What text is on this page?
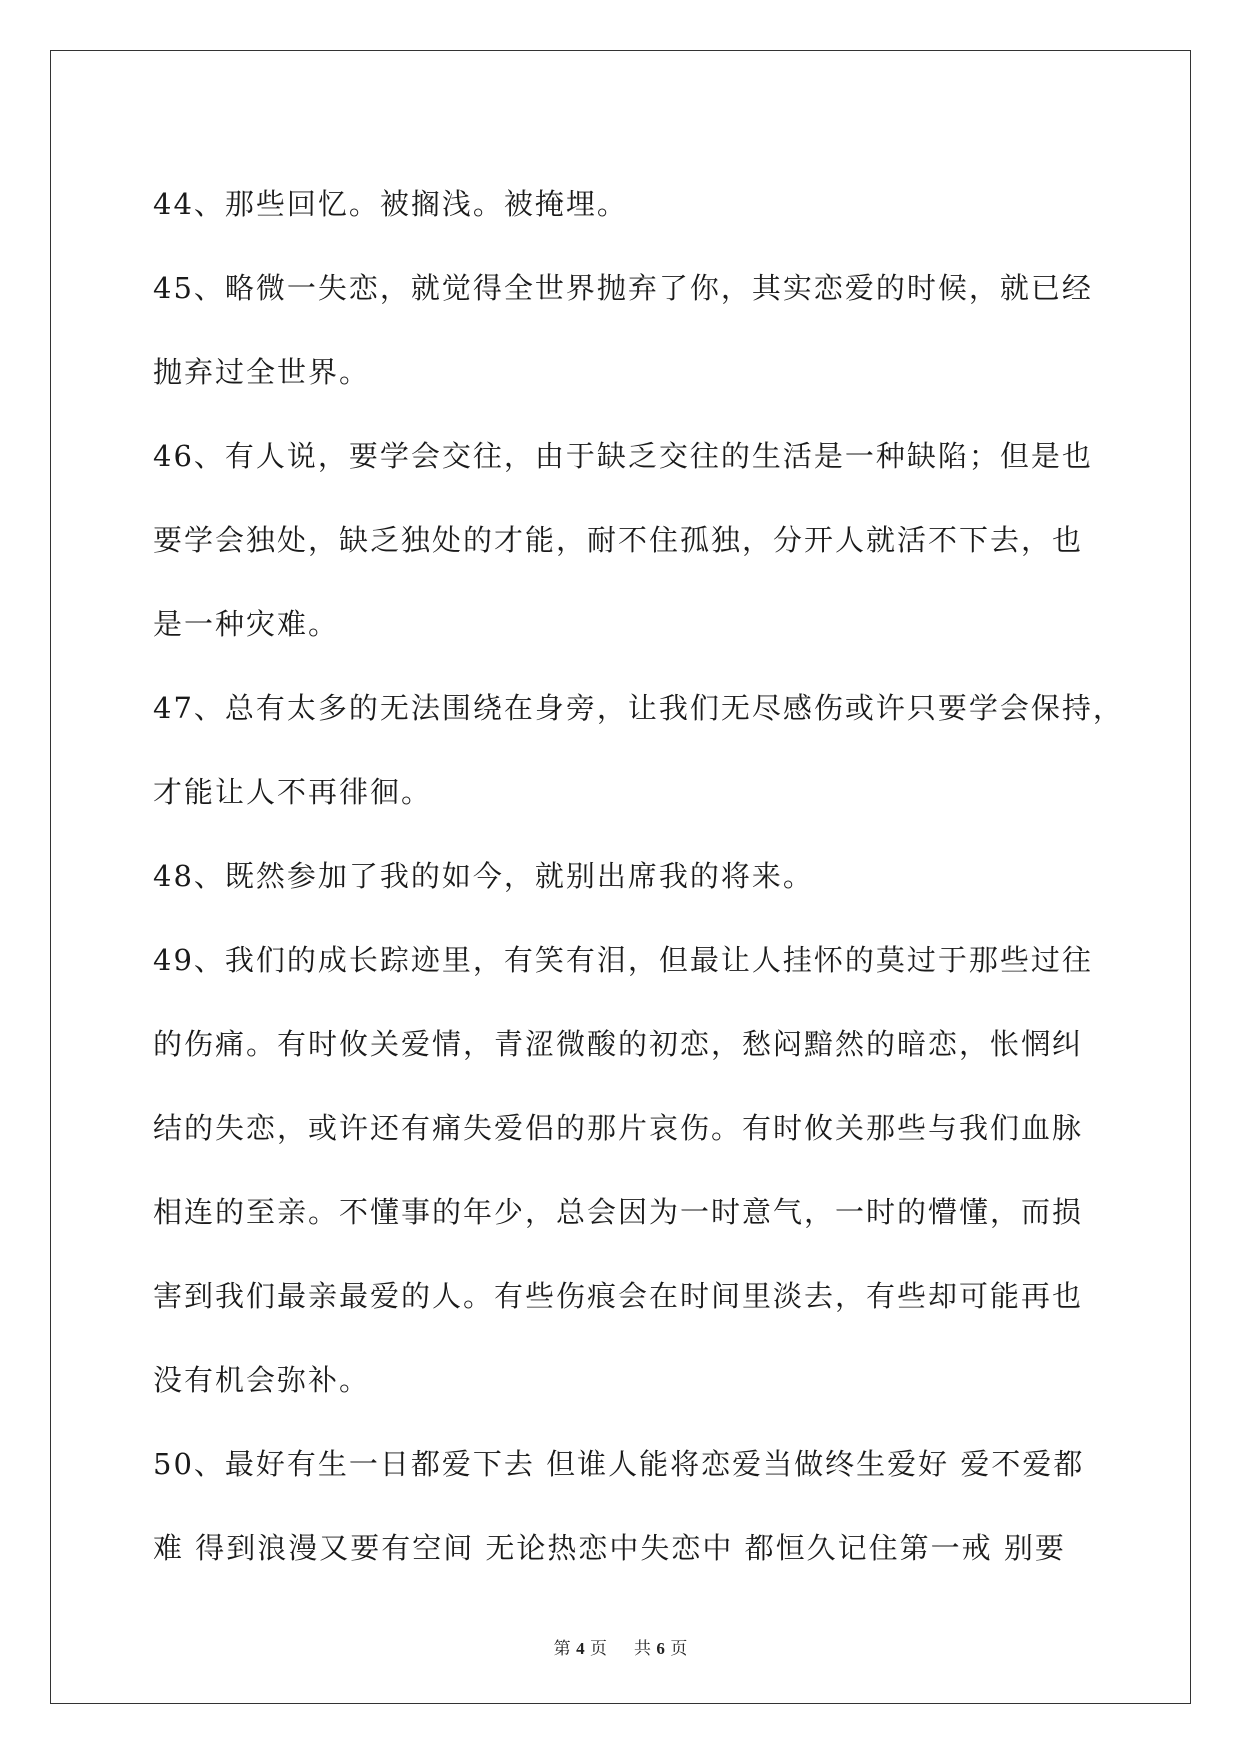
44、那些回忆。被搁浅。被掩埋。
45、略微一失恋，就觉得全世界抛弃了你，其实恋爱的时候，就已经
抛弃过全世界。
46、有人说，要学会交往，由于缺乏交往的生活是一种缺陷；但是也
要学会独处，缺乏独处的才能，耐不住孤独，分开人就活不下去，也
是一种灾难。
47、总有太多的无法围绕在身旁，让我们无尽感伤或许只要学会保持，
才能让人不再徘徊。
48、既然参加了我的如今，就别出席我的将来。
49、我们的成长踪迹里，有笑有泪，但最让人挂怀的莫过于那些过往
的伤痛。有时攸关爱情，青涩微酸的初恋，愁闷黯然的暗恋，怅惘纠
结的失恋，或许还有痛失爱侣的那片哀伤。有时攸关那些与我们血脉
相连的至亲。不懂事的年少，总会因为一时意气，一时的懵懂，而损
害到我们最亲最爱的人。有些伤痕会在时间里淡去，有些却可能再也
没有机会弥补。
50、最好有生一日都爱下去 但谁人能将恋爱当做终生爱好 爱不爱都
难 得到浪漫又要有空间 无论热恋中失恋中 都恒久记住第一戒 别要
第 4 页 共 6 页
